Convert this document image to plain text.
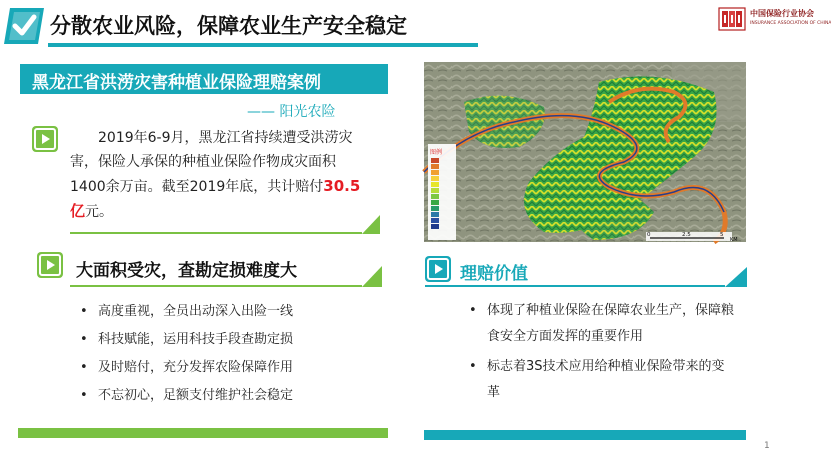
分散农业风险，保障农业生产安全稳定
中国保险行业协会
INSURANCE ASSOCIATION OF CHINA
黑龙江省洪涝灾害种植业保险理赔案例
—— 阳光农险
2019年6-9月，黑龙江省持续遭受洪涝灾害，保险人承保的种植业保险作物成灾面积1400余万亩。截至2019年底，共计赔付30.5亿元。
图例
0	2.5	5
KM
大面积受灾，查勘定损难度大
• 高度重视，全员出动深入出险一线
• 科技赋能，运用科技手段查勘定损
• 及时赔付，充分发挥农险保障作用
• 不忘初心，足额支付维护社会稳定
理赔价值
• 体现了种植业保险在保障农业生产，保障粮食安全方面发挥的重要作用
• 标志着3S技术应用给种植业保险带来的变革
1
